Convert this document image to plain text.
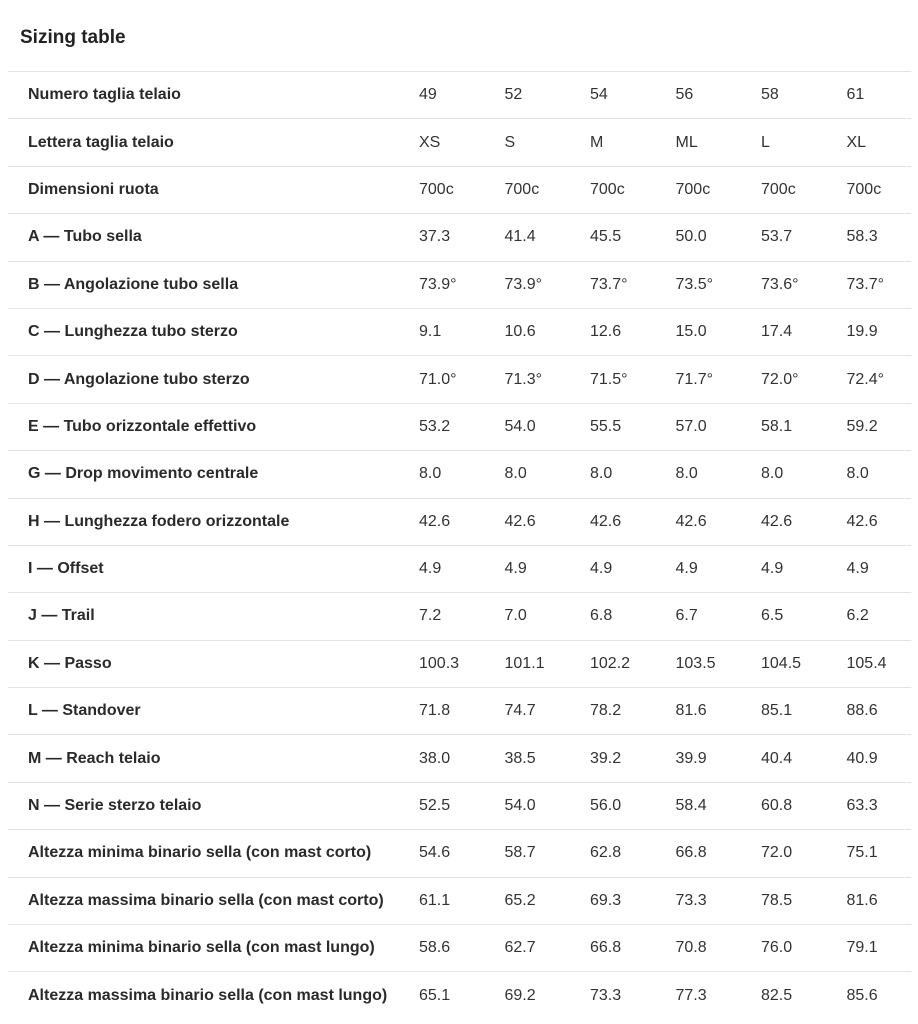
Sizing table
Numero taglia telaio	49	52	54	56	58	61
Lettera taglia telaio	XS	S	M	ML	L	XL
Dimensioni ruota	700c	700c	700c	700c	700c	700c
A — Tubo sella	37.3	41.4	45.5	50.0	53.7	58.3
B — Angolazione tubo sella	73.9°	73.9°	73.7°	73.5°	73.6°	73.7°
C — Lunghezza tubo sterzo	9.1	10.6	12.6	15.0	17.4	19.9
D — Angolazione tubo sterzo	71.0°	71.3°	71.5°	71.7°	72.0°	72.4°
E — Tubo orizzontale effettivo	53.2	54.0	55.5	57.0	58.1	59.2
G — Drop movimento centrale	8.0	8.0	8.0	8.0	8.0	8.0
H — Lunghezza fodero orizzontale	42.6	42.6	42.6	42.6	42.6	42.6
I — Offset	4.9	4.9	4.9	4.9	4.9	4.9
J — Trail	7.2	7.0	6.8	6.7	6.5	6.2
K — Passo	100.3	101.1	102.2	103.5	104.5	105.4
L — Standover	71.8	74.7	78.2	81.6	85.1	88.6
M — Reach telaio	38.0	38.5	39.2	39.9	40.4	40.9
N — Serie sterzo telaio	52.5	54.0	56.0	58.4	60.8	63.3
Altezza minima binario sella (con mast corto)	54.6	58.7	62.8	66.8	72.0	75.1
Altezza massima binario sella (con mast corto)	61.1	65.2	69.3	73.3	78.5	81.6
Altezza minima binario sella (con mast lungo)	58.6	62.7	66.8	70.8	76.0	79.1
Altezza massima binario sella (con mast lungo)	65.1	69.2	73.3	77.3	82.5	85.6
